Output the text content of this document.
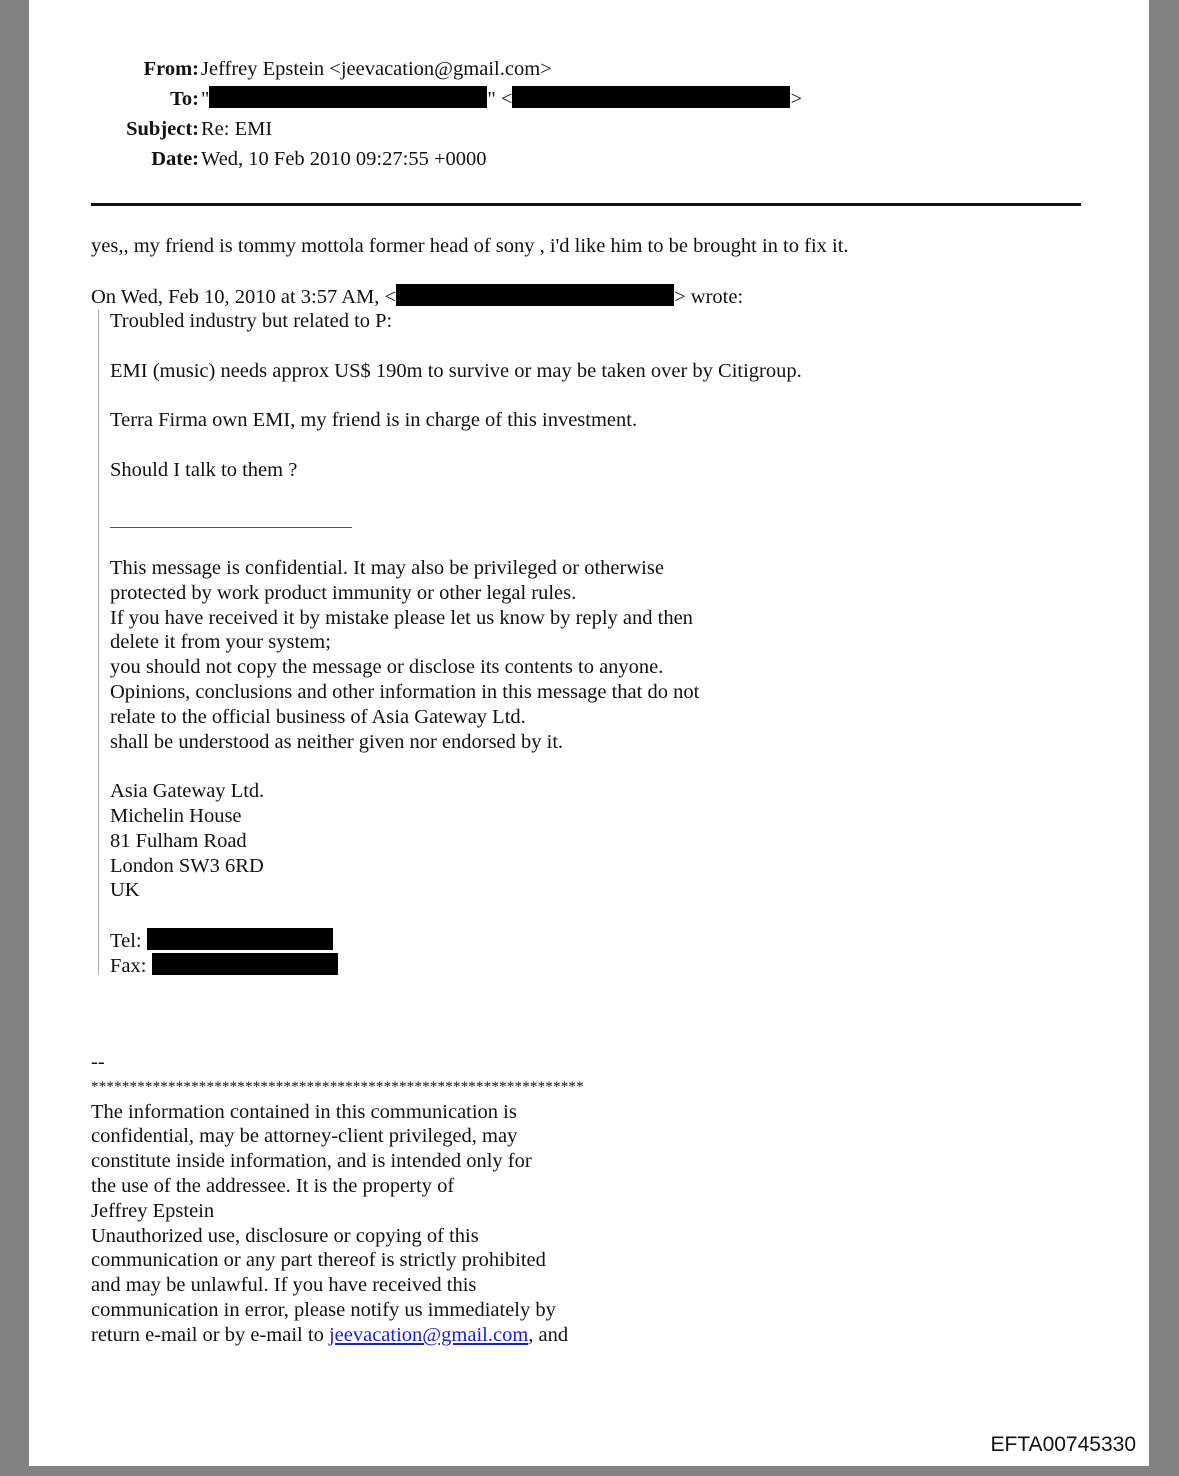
From: Jeffrey Epstein <jeevacation@gmail.com>
To: "	" <	>
Subject: Re: EMI
Date: Wed, 10 Feb 2010 09:27:55 +0000
yes,, my friend is tommy mottola former head of sony , i'd like him to be brought in to fix it.
On Wed, Feb 10, 2010 at 3:57 AM, <	> wrote:
Troubled industry but related to P:
EMI (music) needs approx US$ 190m to survive or may be taken over by Citigroup.
Terra Firma own EMI, my friend is in charge of this investment.
Should I talk to them ?
This message is confidential. It may also be privileged or otherwise
protected by work product immunity or other legal rules.
If you have received it by mistake please let us know by reply and then
delete it from your system;
you should not copy the message or disclose its contents to anyone.
Opinions, conclusions and other information in this message that do not
relate to the official business of Asia Gateway Ltd.
shall be understood as neither given nor endorsed by it.
Asia Gateway Ltd.
Michelin House
81 Fulham Road
London SW3 6RD
UK
Tel:
Fax:
--
****************************************************************
The information contained in this communication is
confidential, may be attorney-client privileged, may
constitute inside information, and is intended only for
the use of the addressee. It is the property of
Jeffrey Epstein
Unauthorized use, disclosure or copying of this
communication or any part thereof is strictly prohibited
and may be unlawful. If you have received this
communication in error, please notify us immediately by
return e-mail or by e-mail to jeevacation@gmail.com, and
EFTA00745330
